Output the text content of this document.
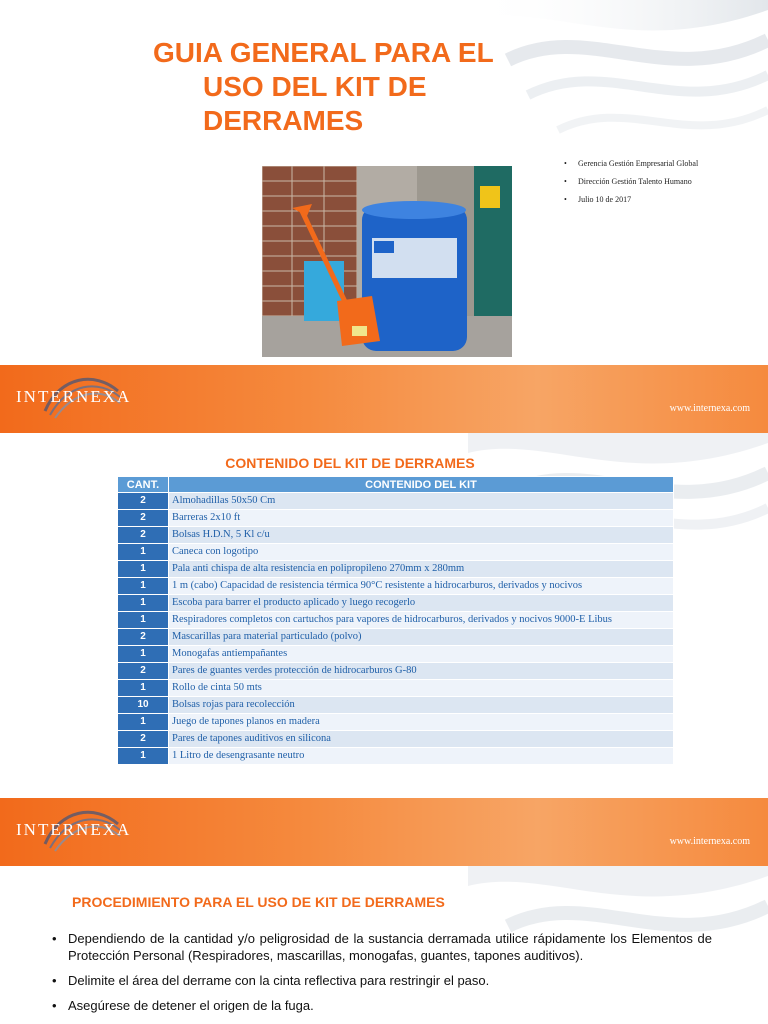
GUIA GENERAL PARA EL
USO DEL KIT DE
DERRAMES
• Gerencia Gestión Empresarial Global
• Dirección Gestión Talento Humano
• Julio 10 de 2017
INTERNEXA
www.internexa.com
CONTENIDO DEL KIT DE DERRAMES
CANT.	CONTENIDO DEL KIT
2	Almohadillas 50x50 Cm
2	Barreras 2x10 ft
2	Bolsas H.D.N, 5 Kl c/u
1	Caneca con logotipo
1	Pala anti chispa de alta resistencia en polipropileno 270mm x 280mm
1	1 m (cabo) Capacidad de resistencia térmica 90°C resistente a hidrocarburos, derivados y nocivos
1	Escoba para barrer el producto aplicado y luego recogerlo
1	Respiradores completos con cartuchos para vapores de hidrocarburos, derivados y nocivos 9000-E Libus
2	Mascarillas para material particulado (polvo)
1	Monogafas antiempañantes
2	Pares de guantes verdes protección de hidrocarburos G-80
1	Rollo de cinta 50 mts
10	Bolsas rojas para recolección
1	Juego de tapones planos en madera
2	Pares de tapones auditivos en silicona
1	1 Litro de desengrasante neutro
INTERNEXA
www.internexa.com
PROCEDIMIENTO PARA EL USO DE KIT DE DERRAMES
• Dependiendo de la cantidad y/o peligrosidad de la sustancia derramada utilice rápidamente los Elementos de Protección Personal (Respiradores, mascarillas, monogafas, guantes, tapones auditivos).
• Delimite el área del derrame con la cinta reflectiva para restringir el paso.
• Asegúrese de detener el origen de la fuga.
